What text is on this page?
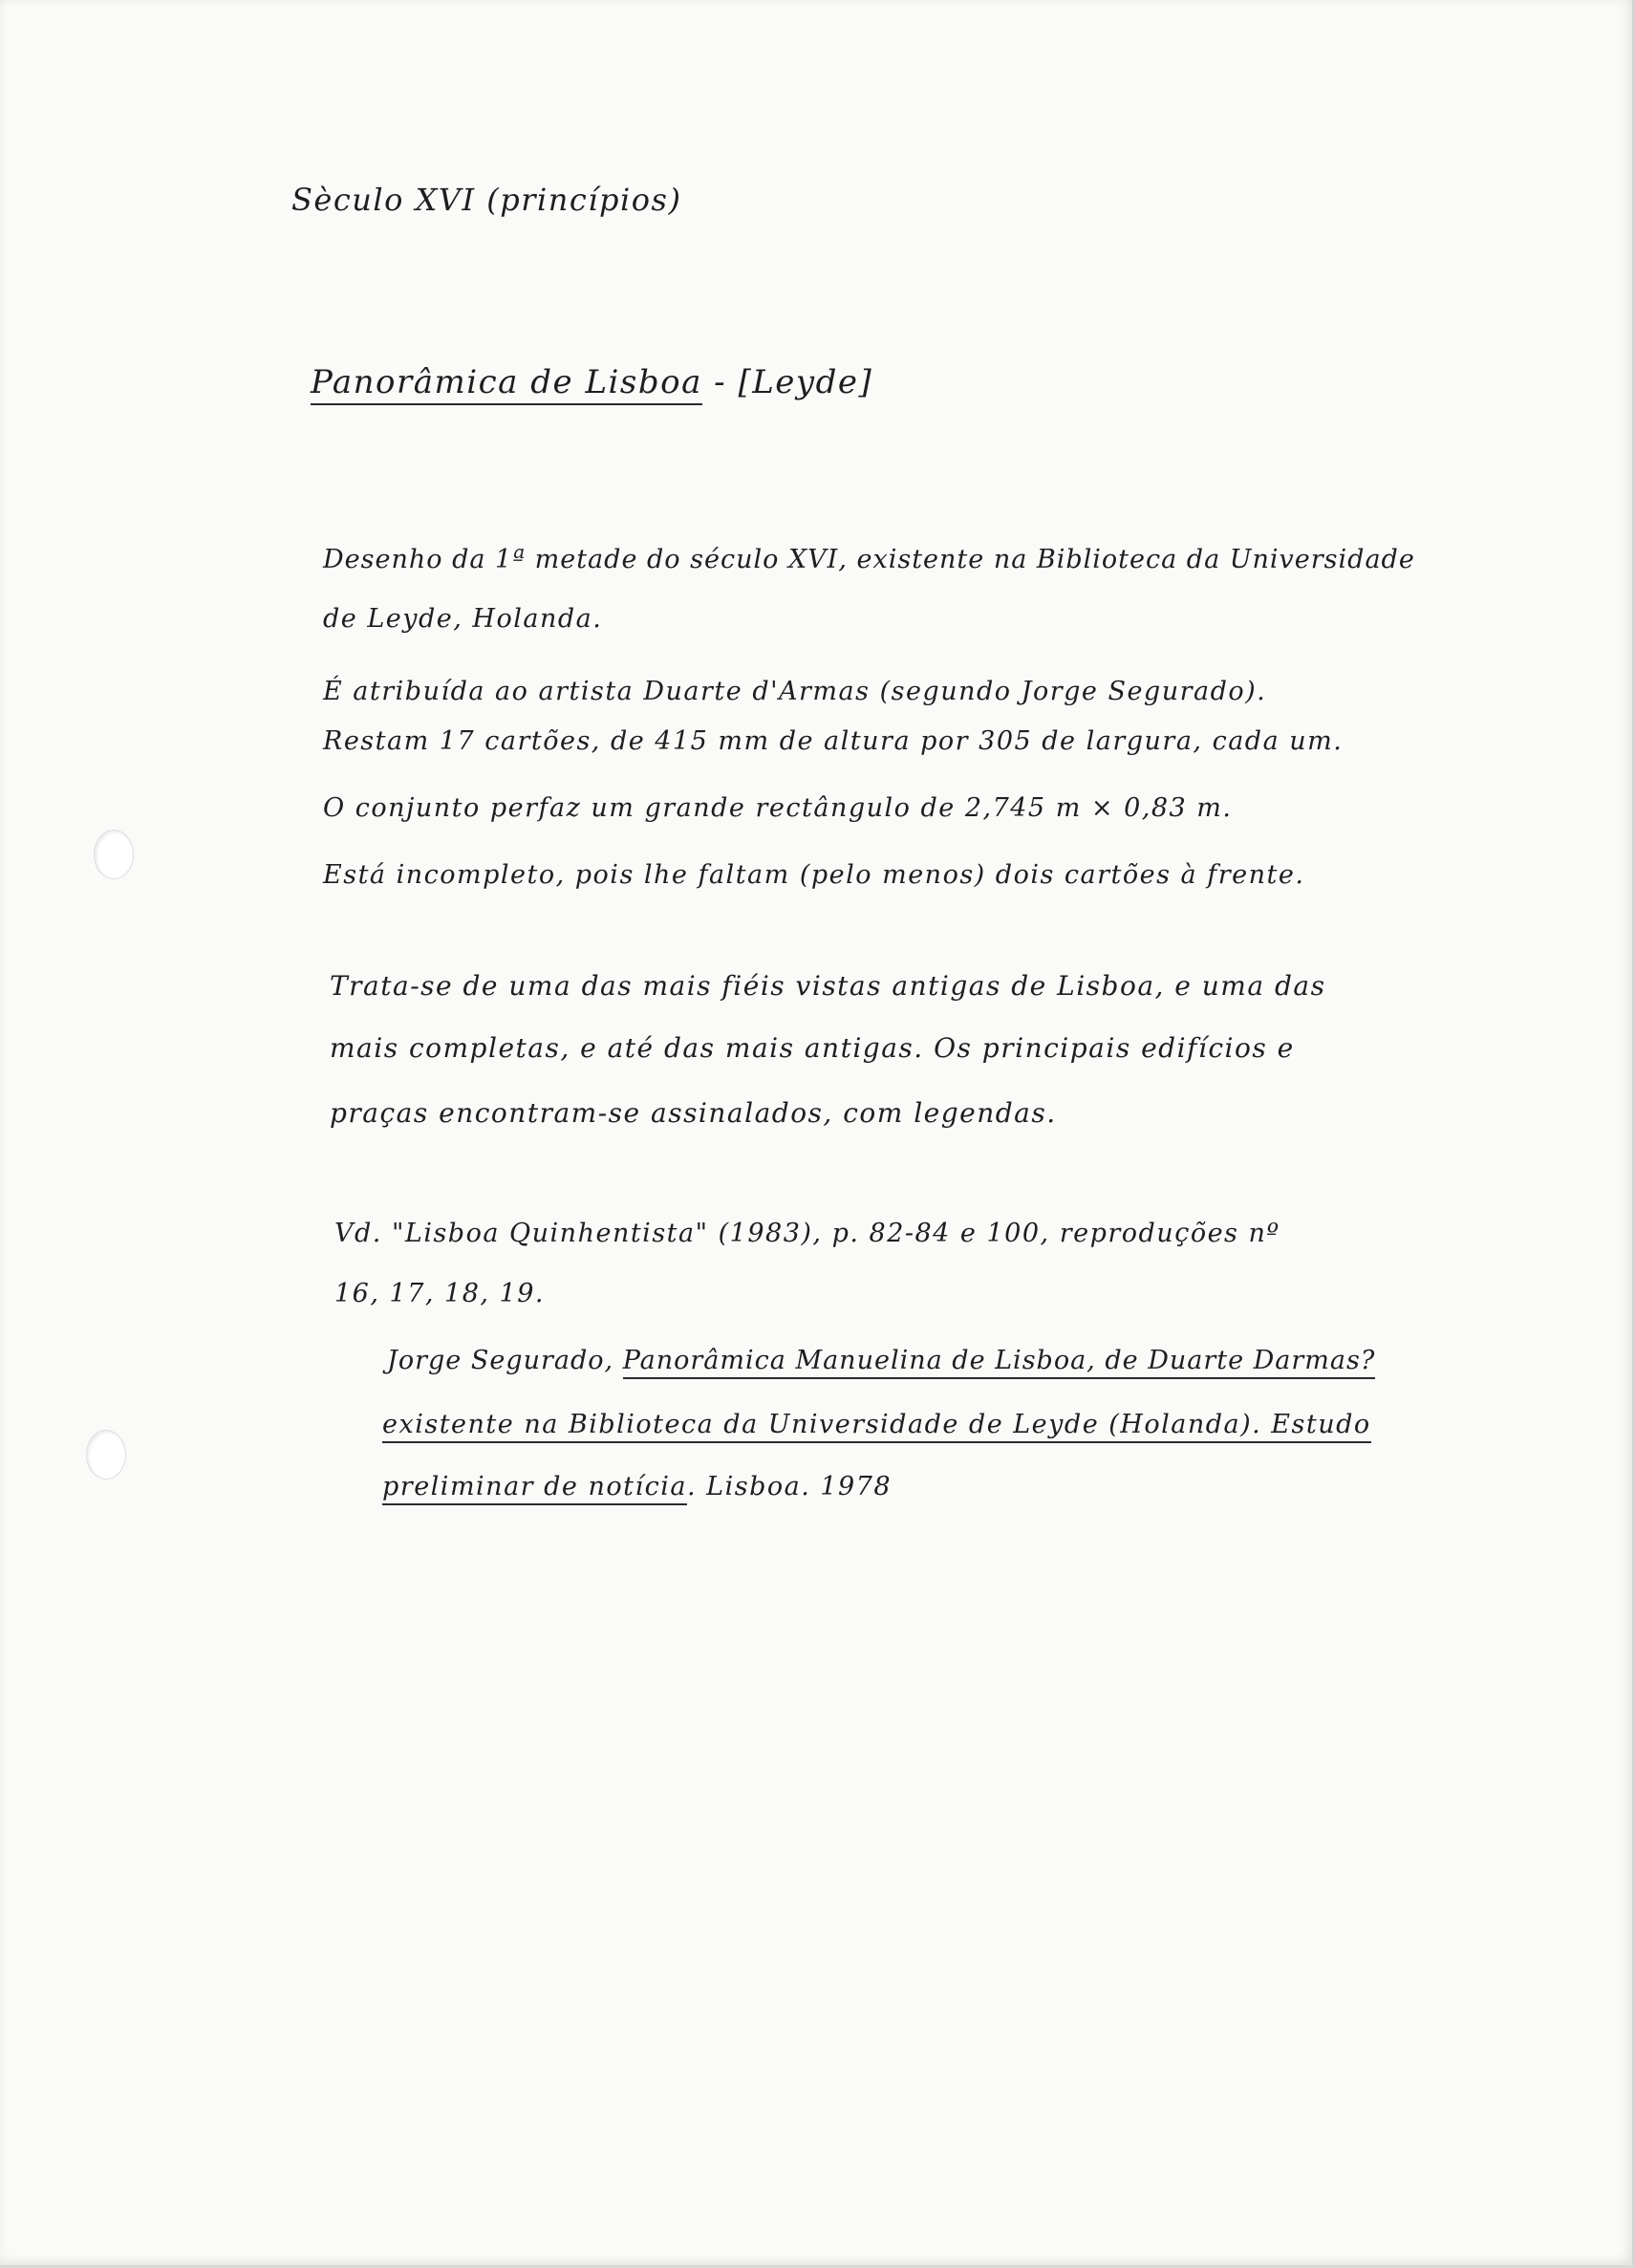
Sèculo XVI (princípios)
Panorâmica de Lisboa - [Leyde]
Desenho da 1ª metade do século XVI, existente na Biblioteca da Universidade
de Leyde, Holanda.
É atribuída ao artista Duarte d'Armas (segundo Jorge Segurado).
Restam 17 cartões, de 415 mm de altura por 305 de largura, cada um.
O conjunto perfaz um grande rectângulo de 2,745 m × 0,83 m.
Está incompleto, pois lhe faltam (pelo menos) dois cartões à frente.
Trata-se de uma das mais fiéis vistas antigas de Lisboa, e uma das
mais completas, e até das mais antigas. Os principais edifícios e
praças encontram-se assinalados, com legendas.
Vd. "Lisboa Quinhentista" (1983), p. 82-84 e 100, reproduções nº
16, 17, 18, 19.
Jorge Segurado, Panorâmica Manuelina de Lisboa, de Duarte Darmas?
existente na Biblioteca da Universidade de Leyde (Holanda). Estudo
preliminar de notícia. Lisboa. 1978
